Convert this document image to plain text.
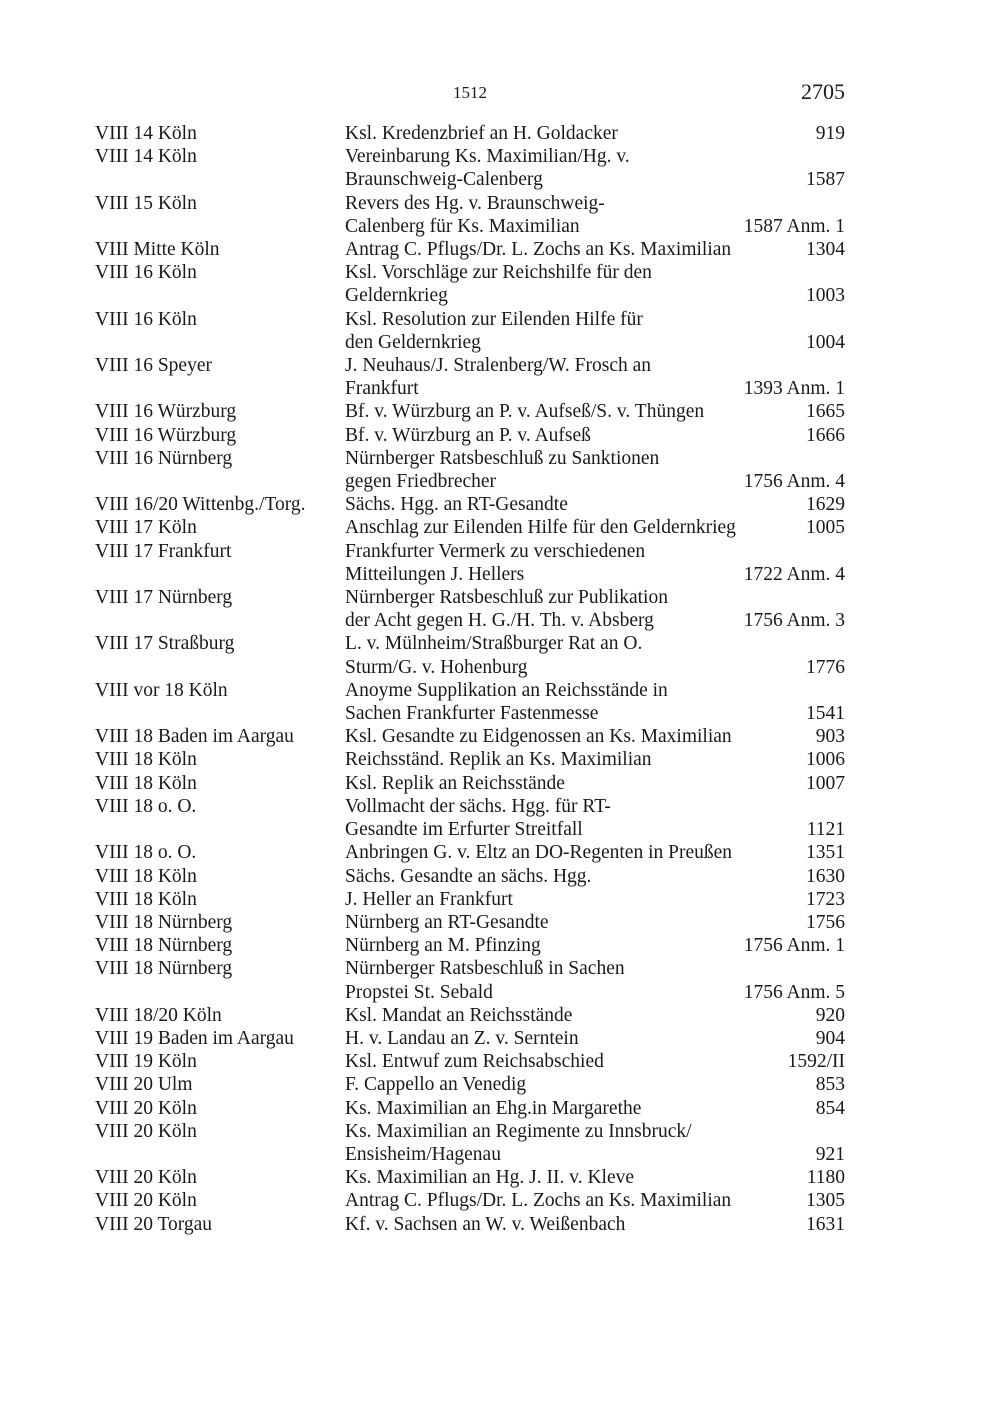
1512	2705
VIII 14 Köln	Ksl. Kredenzbrief an H. Goldacker	919
VIII 14 Köln	Vereinbarung Ks. Maximilian/Hg. v.
Braunschweig-Calenberg	1587
VIII 15 Köln	Revers des Hg. v. Braunschweig-
Calenberg für Ks. Maximilian	1587 Anm. 1
VIII Mitte Köln	Antrag C. Pflugs/Dr. L. Zochs an Ks. Maximilian	1304
VIII 16 Köln	Ksl. Vorschläge zur Reichshilfe für den
Geldernkrieg	1003
VIII 16 Köln	Ksl. Resolution zur Eilenden Hilfe für
den Geldernkrieg	1004
VIII 16 Speyer	J. Neuhaus/J. Stralenberg/W. Frosch an
Frankfurt	1393 Anm. 1
VIII 16 Würzburg	Bf. v. Würzburg an P. v. Aufseß/S. v. Thüngen	1665
VIII 16 Würzburg	Bf. v. Würzburg an P. v. Aufseß	1666
VIII 16 Nürnberg	Nürnberger Ratsbeschluß zu Sanktionen
gegen Friedbrecher	1756 Anm. 4
VIII 16/20 Wittenbg./Torg.	Sächs. Hgg. an RT-Gesandte	1629
VIII 17 Köln	Anschlag zur Eilenden Hilfe für den Geldernkrieg	1005
VIII 17 Frankfurt	Frankfurter Vermerk zu verschiedenen
Mitteilungen J. Hellers	1722 Anm. 4
VIII 17 Nürnberg	Nürnberger Ratsbeschluß zur Publikation
der Acht gegen H. G./H. Th. v. Absberg	1756 Anm. 3
VIII 17 Straßburg	L. v. Mülnheim/Straßburger Rat an O.
Sturm/G. v. Hohenburg	1776
VIII vor 18 Köln	Anoyme Supplikation an Reichsstände in
Sachen Frankfurter Fastenmesse	1541
VIII 18 Baden im Aargau	Ksl. Gesandte zu Eidgenossen an Ks. Maximilian	903
VIII 18 Köln	Reichsständ. Replik an Ks. Maximilian	1006
VIII 18 Köln	Ksl. Replik an Reichsstände	1007
VIII 18 o. O.	Vollmacht der sächs. Hgg. für RT-
Gesandte im Erfurter Streitfall	1121
VIII 18 o. O.	Anbringen G. v. Eltz an DO-Regenten in Preußen	1351
VIII 18 Köln	Sächs. Gesandte an sächs. Hgg.	1630
VIII 18 Köln	J. Heller an Frankfurt	1723
VIII 18 Nürnberg	Nürnberg an RT-Gesandte	1756
VIII 18 Nürnberg	Nürnberg an M. Pfinzing	1756 Anm. 1
VIII 18 Nürnberg	Nürnberger Ratsbeschluß in Sachen
Propstei St. Sebald	1756 Anm. 5
VIII 18/20 Köln	Ksl. Mandat an Reichsstände	920
VIII 19 Baden im Aargau	H. v. Landau an Z. v. Serntein	904
VIII 19 Köln	Ksl. Entwuf zum Reichsabschied	1592/II
VIII 20 Ulm	F. Cappello an Venedig	853
VIII 20 Köln	Ks. Maximilian an Ehg.in Margarethe	854
VIII 20 Köln	Ks. Maximilian an Regimente zu Innsbruck/
Ensisheim/Hagenau	921
VIII 20 Köln	Ks. Maximilian an Hg. J. II. v. Kleve	1180
VIII 20 Köln	Antrag C. Pflugs/Dr. L. Zochs an Ks. Maximilian	1305
VIII 20 Torgau	Kf. v. Sachsen an W. v. Weißenbach	1631
